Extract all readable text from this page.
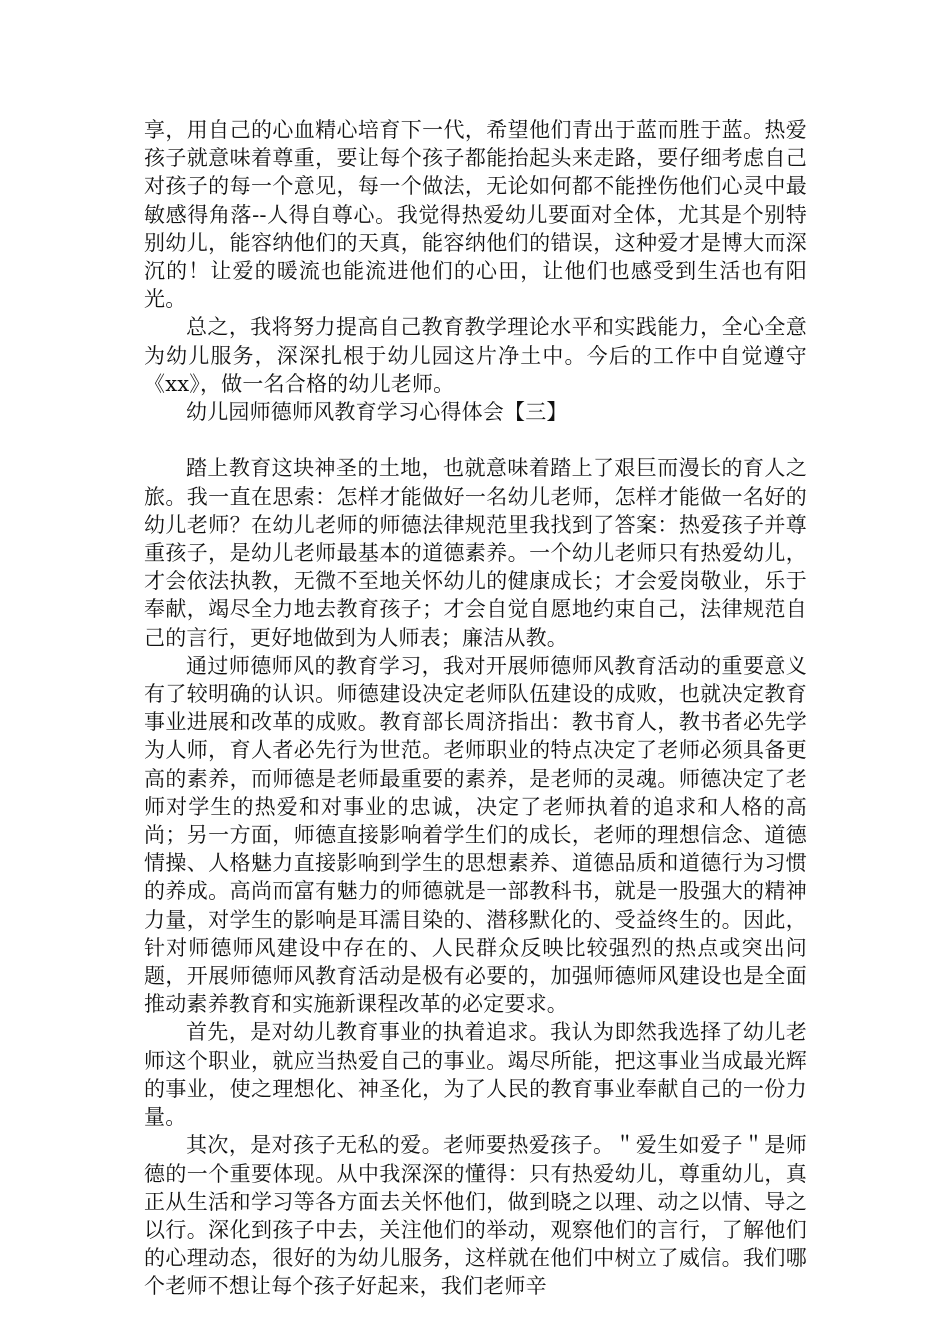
享，用自己的心血精心培育下一代，希望他们青出于蓝而胜于蓝。热爱孩子就意味着尊重，要让每个孩子都能抬起头来走路，要仔细考虑自己对孩子的每一个意见，每一个做法，无论如何都不能挫伤他们心灵中最敏感得角落--人得自尊心。我觉得热爱幼儿要面对全体，尤其是个别特别幼儿，能容纳他们的天真，能容纳他们的错误，这种爱才是博大而深沉的！让爱的暖流也能流进他们的心田，让他们也感受到生活也有阳光。

总之，我将努力提高自己教育教学理论水平和实践能力，全心全意为幼儿服务，深深扎根于幼儿园这片净土中。今后的工作中自觉遵守《xx》，做一名合格的幼儿老师。

幼儿园师德师风教育学习心得体会【三】

踏上教育这块神圣的土地，也就意味着踏上了艰巨而漫长的育人之旅。我一直在思索：怎样才能做好一名幼儿老师，怎样才能做一名好的幼儿老师？在幼儿老师的师德法律规范里我找到了答案：热爱孩子并尊重孩子，是幼儿老师最基本的道德素养。一个幼儿老师只有热爱幼儿，才会依法执教，无微不至地关怀幼儿的健康成长；才会爱岗敬业，乐于奉献，竭尽全力地去教育孩子；才会自觉自愿地约束自己，法律规范自己的言行，更好地做到为人师表；廉洁从教。

通过师德师风的教育学习，我对开展师德师风教育活动的重要意义有了较明确的认识。师德建设决定老师队伍建设的成败，也就决定教育事业进展和改革的成败。教育部长周济指出：教书育人，教书者必先学为人师，育人者必先行为世范。老师职业的特点决定了老师必须具备更高的素养，而师德是老师最重要的素养，是老师的灵魂。师德决定了老师对学生的热爱和对事业的忠诚，决定了老师执着的追求和人格的高尚；另一方面，师德直接影响着学生们的成长，老师的理想信念、道德情操、人格魅力直接影响到学生的思想素养、道德品质和道德行为习惯的养成。高尚而富有魅力的师德就是一部教科书，就是一股强大的精神力量，对学生的影响是耳濡目染的、潜移默化的、受益终生的。因此，针对师德师风建设中存在的、人民群众反映比较强烈的热点或突出问题，开展师德师风教育活动是极有必要的，加强师德师风建设也是全面推动素养教育和实施新课程改革的必定要求。

首先，是对幼儿教育事业的执着追求。我认为即然我选择了幼儿老师这个职业，就应当热爱自己的事业。竭尽所能，把这事业当成最光辉的事业，使之理想化、神圣化，为了人民的教育事业奉献自己的一份力量。

其次，是对孩子无私的爱。老师要热爱孩子。＂爱生如爱子＂是师德的一个重要体现。从中我深深的懂得：只有热爱幼儿，尊重幼儿，真正从生活和学习等各方面去关怀他们，做到晓之以理、动之以情、导之以行。深化到孩子中去，关注他们的举动，观察他们的言行，了解他们的心理动态，很好的为幼儿服务，这样就在他们中树立了威信。我们哪个老师不想让每个孩子好起来，我们老师辛
